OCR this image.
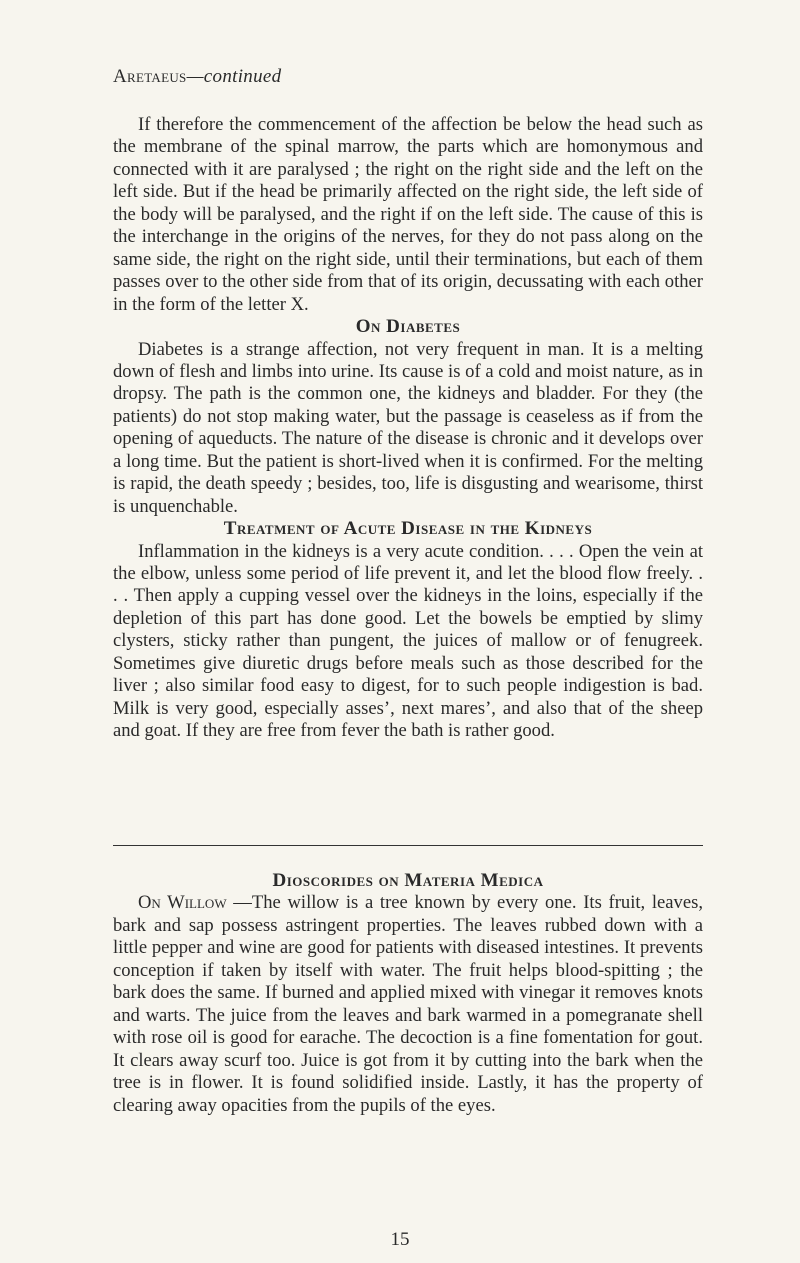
Aretaeus—continued

If therefore the commencement of the affection be below the head such as the membrane of the spinal marrow, the parts which are homonymous and connected with it are paralysed ; the right on the right side and the left on the left side. But if the head be primarily affected on the right side, the left side of the body will be paralysed, and the right if on the left side. The cause of this is the interchange in the origins of the nerves, for they do not pass along on the same side, the right on the right side, until their terminations, but each of them passes over to the other side from that of its origin, decussating with each other in the form of the letter X.

On Diabetes

Diabetes is a strange affection, not very frequent in man. It is a melting down of flesh and limbs into urine. Its cause is of a cold and moist nature, as in dropsy. The path is the common one, the kidneys and bladder. For they (the patients) do not stop making water, but the passage is ceaseless as if from the opening of aqueducts. The nature of the disease is chronic and it develops over a long time. But the patient is short-lived when it is confirmed. For the melting is rapid, the death speedy ; besides, too, life is disgusting and wearisome, thirst is unquenchable.

Treatment of Acute Disease in the Kidneys

Inflammation in the kidneys is a very acute condition. . . . Open the vein at the elbow, unless some period of life prevent it, and let the blood flow freely. . . . Then apply a cupping vessel over the kidneys in the loins, especially if the depletion of this part has done good. Let the bowels be emptied by slimy clysters, sticky rather than pungent, the juices of mallow or of fenugreek. Sometimes give diuretic drugs before meals such as those described for the liver ; also similar food easy to digest, for to such people indigestion is bad. Milk is very good, especially asses’, next mares’, and also that of the sheep and goat. If they are free from fever the bath is rather good.

Dioscorides on Materia Medica

On Willow —The willow is a tree known by every one. Its fruit, leaves, bark and sap possess astringent properties. The leaves rubbed down with a little pepper and wine are good for patients with diseased intestines. It prevents conception if taken by itself with water. The fruit helps blood-spitting ; the bark does the same. If burned and applied mixed with vinegar it removes knots and warts. The juice from the leaves and bark warmed in a pomegranate shell with rose oil is good for earache. The decoction is a fine fomentation for gout. It clears away scurf too. Juice is got from it by cutting into the bark when the tree is in flower. It is found solidified inside. Lastly, it has the property of clearing away opacities from the pupils of the eyes.

15
